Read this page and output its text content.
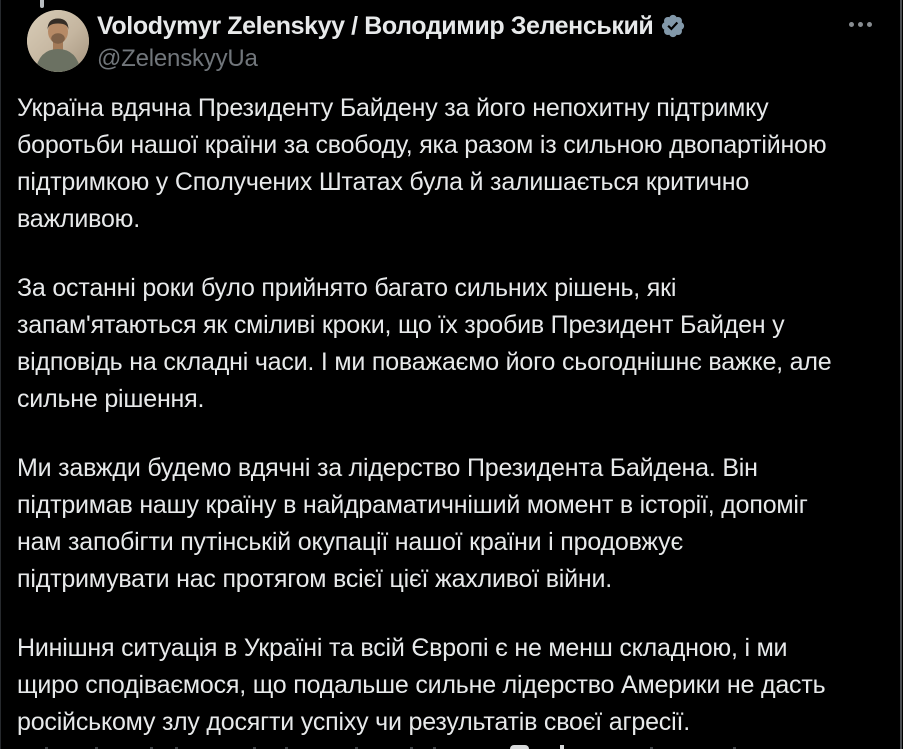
Volodymyr Zelenskyy / Володимир Зеленський
@ZelenskyyUa
Україна вдячна Президенту Байдену за його непохитну підтримку
боротьби нашої країни за свободу, яка разом із сильною двопартійною
підтримкою у Сполучених Штатах була й залишається критично
важливою.
За останні роки було прийнято багато сильних рішень, які
запам'ятаються як сміливі кроки, що їх зробив Президент Байден у
відповідь на складні часи. І ми поважаємо його сьогоднішнє важке, але
сильне рішення.
Ми завжди будемо вдячні за лідерство Президента Байдена. Він
підтримав нашу країну в найдраматичніший момент в історії, допоміг
нам запобігти путінській окупації нашої країни і продовжує
підтримувати нас протягом всієї цієї жахливої війни.
Нинішня ситуація в Україні та всій Європі є не менш складною, і ми
щиро сподіваємося, що подальше сильне лідерство Америки не дасть
російському злу досягти успіху чи результатів своєї агресії.
